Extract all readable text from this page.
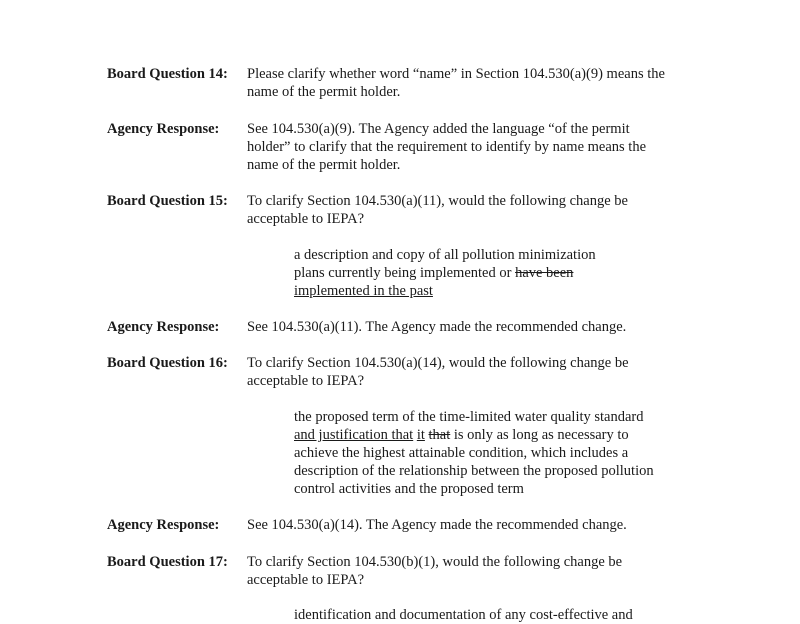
Board Question 14: Please clarify whether word “name” in Section 104.530(a)(9) means the
name of the permit holder.
Agency Response: See 104.530(a)(9). The Agency added the language “of the permit
holder” to clarify that the requirement to identify by name means the
name of the permit holder.
Board Question 15: To clarify Section 104.530(a)(11), would the following change be
acceptable to IEPA?
a description and copy of all pollution minimization
plans currently being implemented or have been
implemented in the past
Agency Response: See 104.530(a)(11). The Agency made the recommended change.
Board Question 16: To clarify Section 104.530(a)(14), would the following change be
acceptable to IEPA?
the proposed term of the time-limited water quality standard
and justification that it that is only as long as necessary to
achieve the highest attainable condition, which includes a
description of the relationship between the proposed pollution
control activities and the proposed term
Agency Response: See 104.530(a)(14). The Agency made the recommended change.
Board Question 17: To clarify Section 104.530(b)(1), would the following change be
acceptable to IEPA?
identification and documentation of any cost-effective and
